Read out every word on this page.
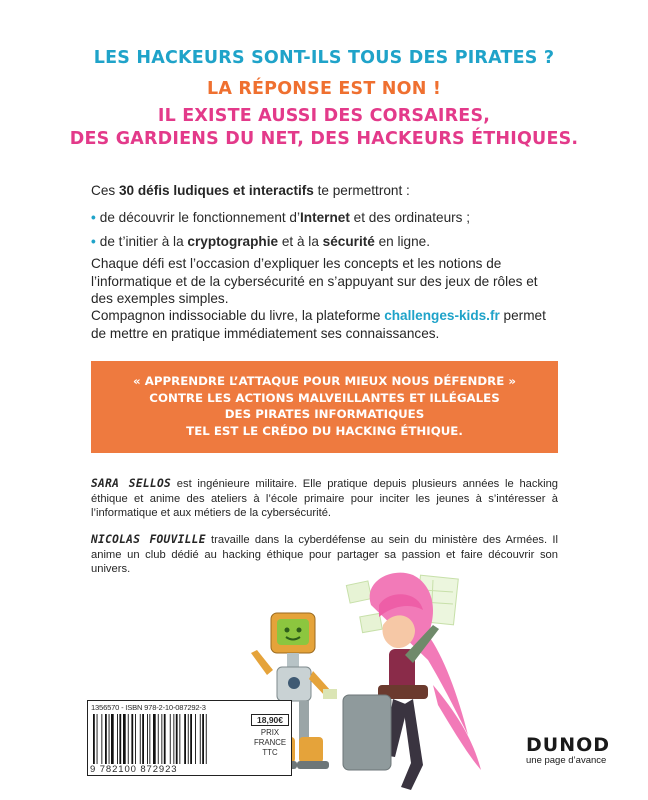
LES HACKEURS SONT-ILS TOUS DES PIRATES ?
LA RÉPONSE EST NON !
IL EXISTE AUSSI DES CORSAIRES,
DES GARDIENS DU NET, DES HACKEURS ÉTHIQUES.
Ces 30 défis ludiques et interactifs te permettront :
• de découvrir le fonctionnement d’Internet et des ordinateurs ;
• de t’initier à la cryptographie et à la sécurité en ligne.
Chaque défi est l’occasion d’expliquer les concepts et les notions de l’informatique et de la cybersécurité en s’appuyant sur des jeux de rôles et des exemples simples.
Compagnon indissociable du livre, la plateforme challenges-kids.fr permet de mettre en pratique immédiatement ses connaissances.
« APPRENDRE L’ATTAQUE POUR MIEUX NOUS DÉFENDRE »
CONTRE LES ACTIONS MALVEILLANTES ET ILLÉGALES
DES PIRATES INFORMATIQUES
TEL EST LE CRÉDO DU HACKING ÉTHIQUE.
SARA SELLOS est ingénieure militaire. Elle pratique depuis plusieurs années le hacking éthique et anime des ateliers à l’école primaire pour inciter les jeunes à s’intéresser à l’informatique et aux métiers de la cybersécurité.
NICOLAS FOUVILLE travaille dans la cyberdéfense au sein du ministère des Armées. Il anime un club dédié au hacking éthique pour partager sa passion et faire découvrir son univers.
1356570 - ISBN 978-2-10-087292-3
9 782100 872923
18,90€
PRIX
FRANCE
TTC	DUNOD
une page d’avance
